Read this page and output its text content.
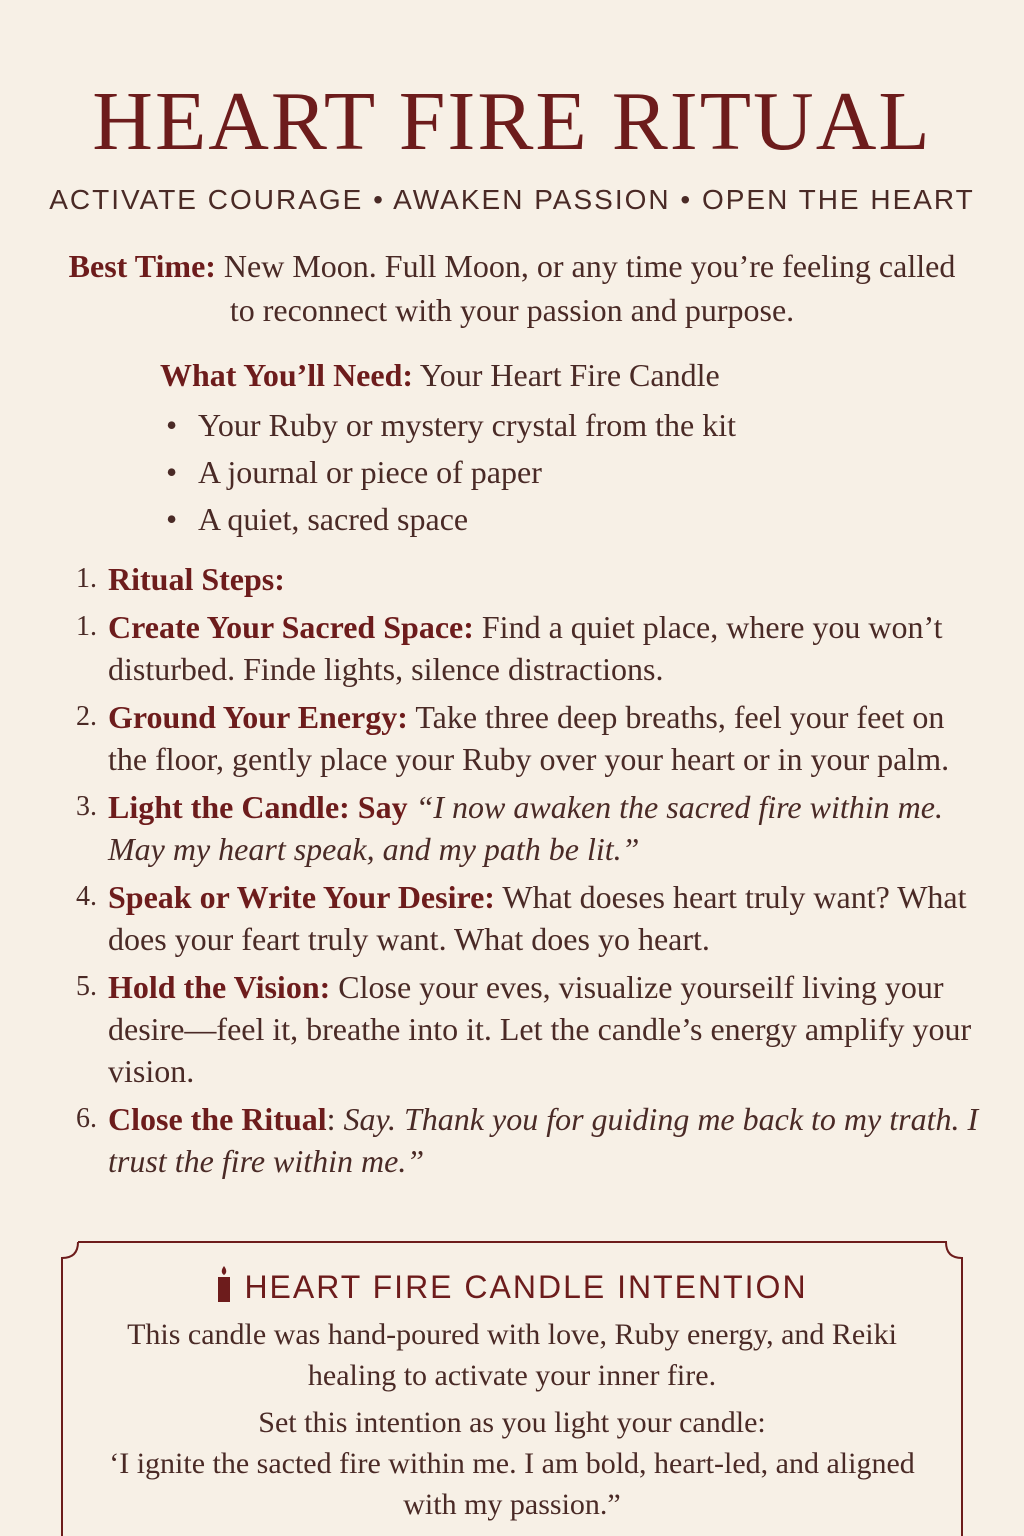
HEART FIRE RITUAL
ACTIVATE COURAGE • AWAKEN PASSION • OPEN THE HEART
Best Time: New Moon. Full Moon, or any time you’re feeling called to reconnect with your passion and purpose.
What You’ll Need: Your Heart Fire Candle
• Your Ruby or mystery crystal from the kit
• A journal or piece of paper
• A quiet, sacred space
1. Ritual Steps:
1. Create Your Sacred Space: Find a quiet place, where you won’t disturbed. Finde lights, silence distractions.
2. Ground Your Energy: Take three deep breaths, feel your feet on the floor, gently place your Ruby over your heart or in your palm.
3. Light the Candle: Say “I now awaken the sacred fire within me. May my heart speak, and my path be lit.”
4. Speak or Write Your Desire: What doeses heart truly want? What does your feart truly want. What does yo heart.
5. Hold the Vision: Close your eves, visualize yourseilf living your desire—feel it, breathe into it. Let the candle’s energy amplify your vision.
6. Close the Ritual: Say. Thank you for guiding me back to my trath. I trust the fire within me.”
HEART FIRE CANDLE INTENTION

This candle was hand-poured with love, Ruby energy, and Reiki healing to activate your inner fire.

Set this intention as you light your candle:

‘I ignite the sacted fire within me. I am bold, heart-led, and aligned with my passion.”
